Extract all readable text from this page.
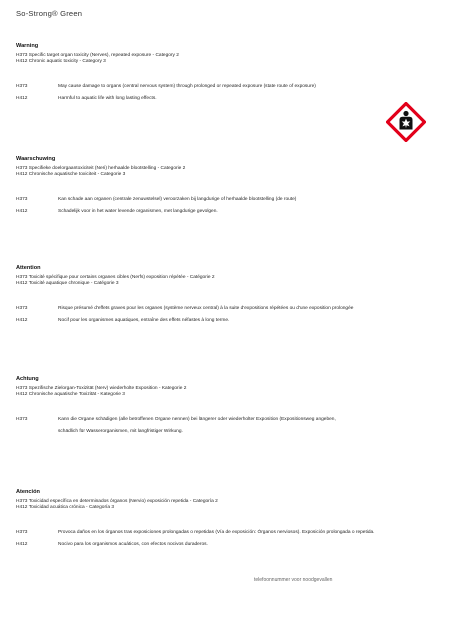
So-Strong® Green
Warning
H373 Specific target organ toxicity (Nerves), repeated exposure - Category 2
H412 Chronic aquatic toxicity - Category 3
H373	May cause damage to organs (central nervous system) through prolonged or repeated exposure (state route of exposure)
H412	Harmful to aquatic life with long lasting effects.
Waarschuwing
H373 Specifieke doelorgaantoxiciteit (Neri) herhaalde blootstelling - Categorie 2
H412 Chronische aquatische toxiciteit - Categorie 3
H373	Kan schade aan organen (centrale zenuwstelsel) veroorzaken bij langdurige of herhaalde blootstelling (de route)
H412	Schadelijk voor in het water levende organismen, met langdurige gevolgen.
Attention
H373 Toxicité spécifique pour certains organes cibles (Nerfs) exposition répétée - Catégorie 2
H412 Toxicité aquatique chronique - Catégorie 3
H373	Risque présumé d'effets graves pour les organes (système nerveux central) à la suite d'expositions répétées ou d'une exposition prolongée
H412	Nocif pour les organismes aquatiques, entraîne des effets néfastes à long terme.
Achtung
H373 Spezifische Zielorgan-Toxizität (Nerv) wiederholte Exposition - Kategorie 2
H412 Chronische aquatische Toxizität - Kategorie 3
H373	Kann die Organe schädigen (alle betroffenen Organe nennen) bei längerer oder wiederholter Exposition (Expositionsweg angeben,
schädlich für Wasserorganismen, mit langfristiger Wirkung.
Atención
H373 Toxicidad específica en determinados órganos (Nervio) exposición repetida - Categoría 2
H412 Toxicidad acuática crónica - Categoría 3
H373	Provoca daños en los órganos tras exposiciones prolongadas o repetidas (Vía de exposición: Órganos nerviosos). Exposición prolongada o repetida.
H412	Nocivo para los organismos acuáticos, con efectos nocivos duraderos.
telefoonnummer voor noodgevallen
